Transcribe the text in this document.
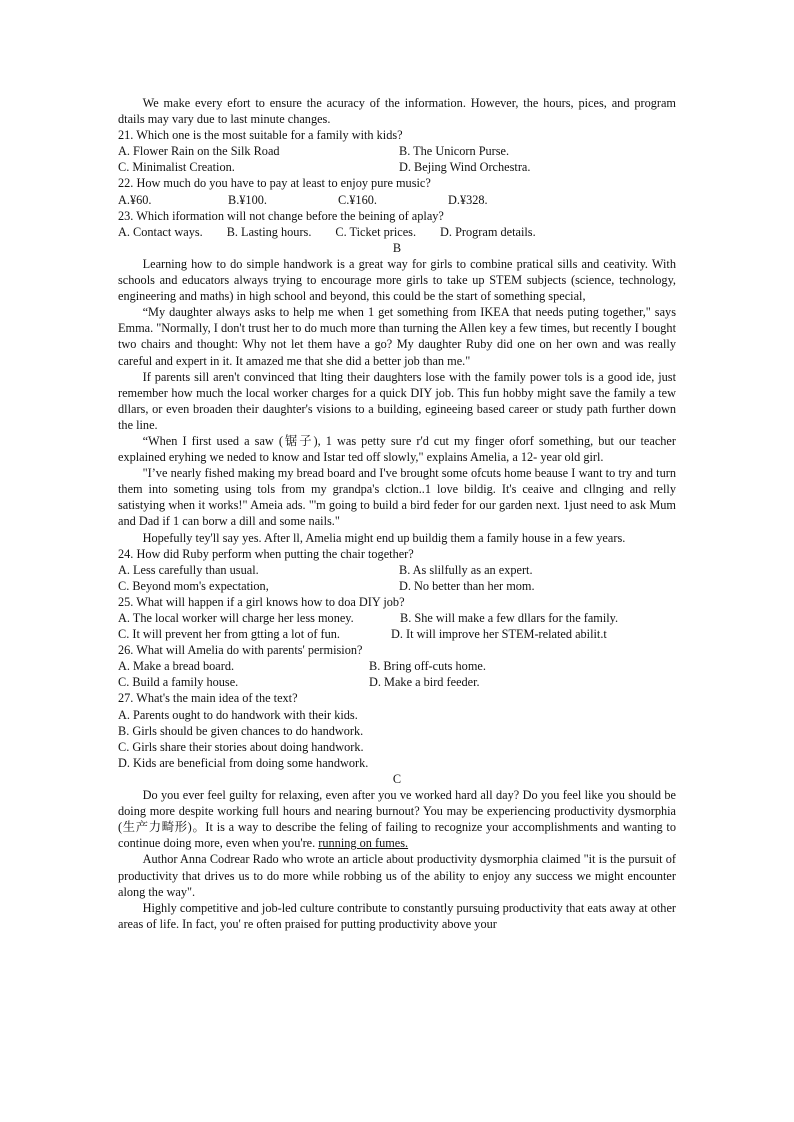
We make every efort to ensure the acuracy of the information. However, the hours, pices, and program dtails may vary due to last minute changes.

21. Which one is the most suitable for a family with kids?

A. Flower Rain on the Silk Road	B. The Unicorn Purse.
C. Minimalist Creation.	D. Bejing Wind Orchestra.

22. How much do you have to pay at least to enjoy pure music?

A.¥60.	B.¥100.	C.¥160.	D.¥328.

23. Which iformation will not change before the beining of aplay?

A. Contact ways. B. Lasting hours. C. Ticket prices. D. Program details.

B

Learning how to do simple handwork is a great way for girls to combine pratical sills and ceativity. With schools and educators always trying to encourage more girls to take up STEM subjects (science, technology, engineering and maths) in high school and beyond, this could be the start of something special,

“My daughter always asks to help me when 1 get something from IKEA that needs puting together," says Emma. "Normally, I don't trust her to do much more than turning the Allen key a few times, but recently I bought two chairs and thought: Why not let them have a go? My daughter Ruby did one on her own and was really careful and expert in it. It amazed me that she did a better job than me."

If parents sill aren't convinced that lting their daughters lose with the family power tols is a good ide, just remember how much the local worker charges for a quick DIY job. This fun hobby might save the family a tew dllars, or even broaden their daughter's visions to a building, egineeing based career or study path further down the line.

“When I first used a saw (锯子), 1 was petty sure r'd cut my finger oforf something, but our teacher explained eryhing we neded to know and Istar ted off slowly," explains Amelia, a 12- year old girl.

"I’ve nearly fished making my bread board and I've brought some ofcuts home beause I want to try and turn them into someting using tols from my grandpa's clction..1 love bildig. It's ceaive and cllnging and relly satistying when it works!" Ameia ads. "'m going to build a bird feder for our garden next. 1just need to ask Mum and Dad if 1 can borw a dill and some nails."

Hopefully tey'll say yes. After ll, Amelia might end up buildig them a family house in a few years.

24. How did Ruby perform when putting the chair together?

A. Less carefully than usual.	B. As slilfully as an expert.
C. Beyond mom's expectation,	D. No better than her mom.

25. What will happen if a girl knows how to doa DIY job?

A. The local worker will charge her less money.	B. She will make a few dllars for the family.
C. It will prevent her from gtting a lot of fun.	D. It will improve her STEM-related abilit.t

26. What will Amelia do with parents' permision?

A. Make a bread board.	B. Bring off-cuts home.
C. Build a family house.	D. Make a bird feeder.

27. What's the main idea of the text?

A. Parents ought to do handwork with their kids.

B. Girls should be given chances to do handwork.

C. Girls share their stories about doing handwork.

D. Kids are beneficial from doing some handwork.

C

Do you ever feel guilty for relaxing, even after you ve worked hard all day? Do you feel like you should be doing more despite working full hours and nearing burnout? You may be experiencing productivity dysmorphia (生产力畸形)。It is a way to describe the feling of failing to recognize your accomplishments and wanting to continue doing more, even when you're. running on fumes.

Author Anna Codrear Rado who wrote an article about productivity dysmorphia claimed "it is the pursuit of productivity that drives us to do more while robbing us of the ability to enjoy any success we might encounter along the way".

Highly competitive and job-led culture contribute to constantly pursuing productivity that eats away at other areas of life. In fact, you' re often praised for putting productivity above your
